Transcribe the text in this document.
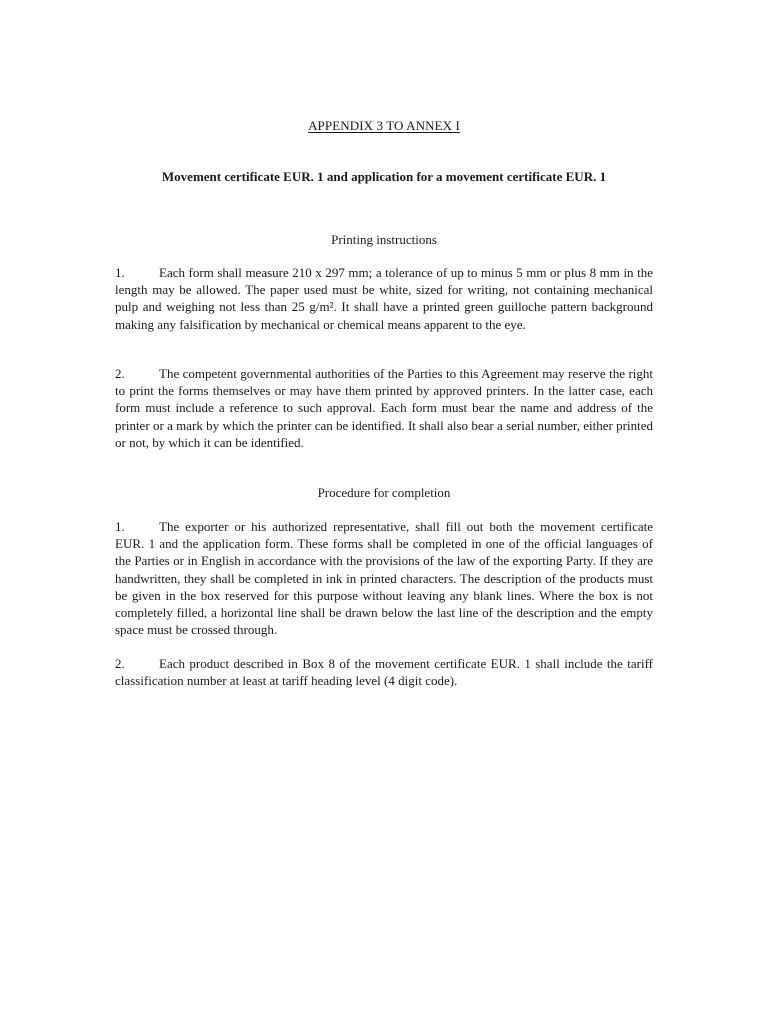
APPENDIX 3 TO ANNEX I
Movement certificate EUR. 1 and application for a movement certificate EUR. 1
Printing instructions
1.	Each form shall measure 210 x 297 mm; a tolerance of up to minus 5 mm or plus 8 mm in the length may be allowed. The paper used must be white, sized for writing, not containing mechanical pulp and weighing not less than 25 g/m². It shall have a printed green guilloche pattern background making any falsification by mechanical or chemical means apparent to the eye.
2.	The competent governmental authorities of the Parties to this Agreement may reserve the right to print the forms themselves or may have them printed by approved printers. In the latter case, each form must include a reference to such approval. Each form must bear the name and address of the printer or a mark by which the printer can be identified. It shall also bear a serial number, either printed or not, by which it can be identified.
Procedure for completion
1.	The exporter or his authorized representative, shall fill out both the movement certificate EUR. 1 and the application form. These forms shall be completed in one of the official languages of the Parties or in English in accordance with the provisions of the law of the exporting Party. If they are handwritten, they shall be completed in ink in printed characters. The description of the products must be given in the box reserved for this purpose without leaving any blank lines. Where the box is not completely filled, a horizontal line shall be drawn below the last line of the description and the empty space must be crossed through.
2.	Each product described in Box 8 of the movement certificate EUR. 1 shall include the tariff classification number at least at tariff heading level (4 digit code).
